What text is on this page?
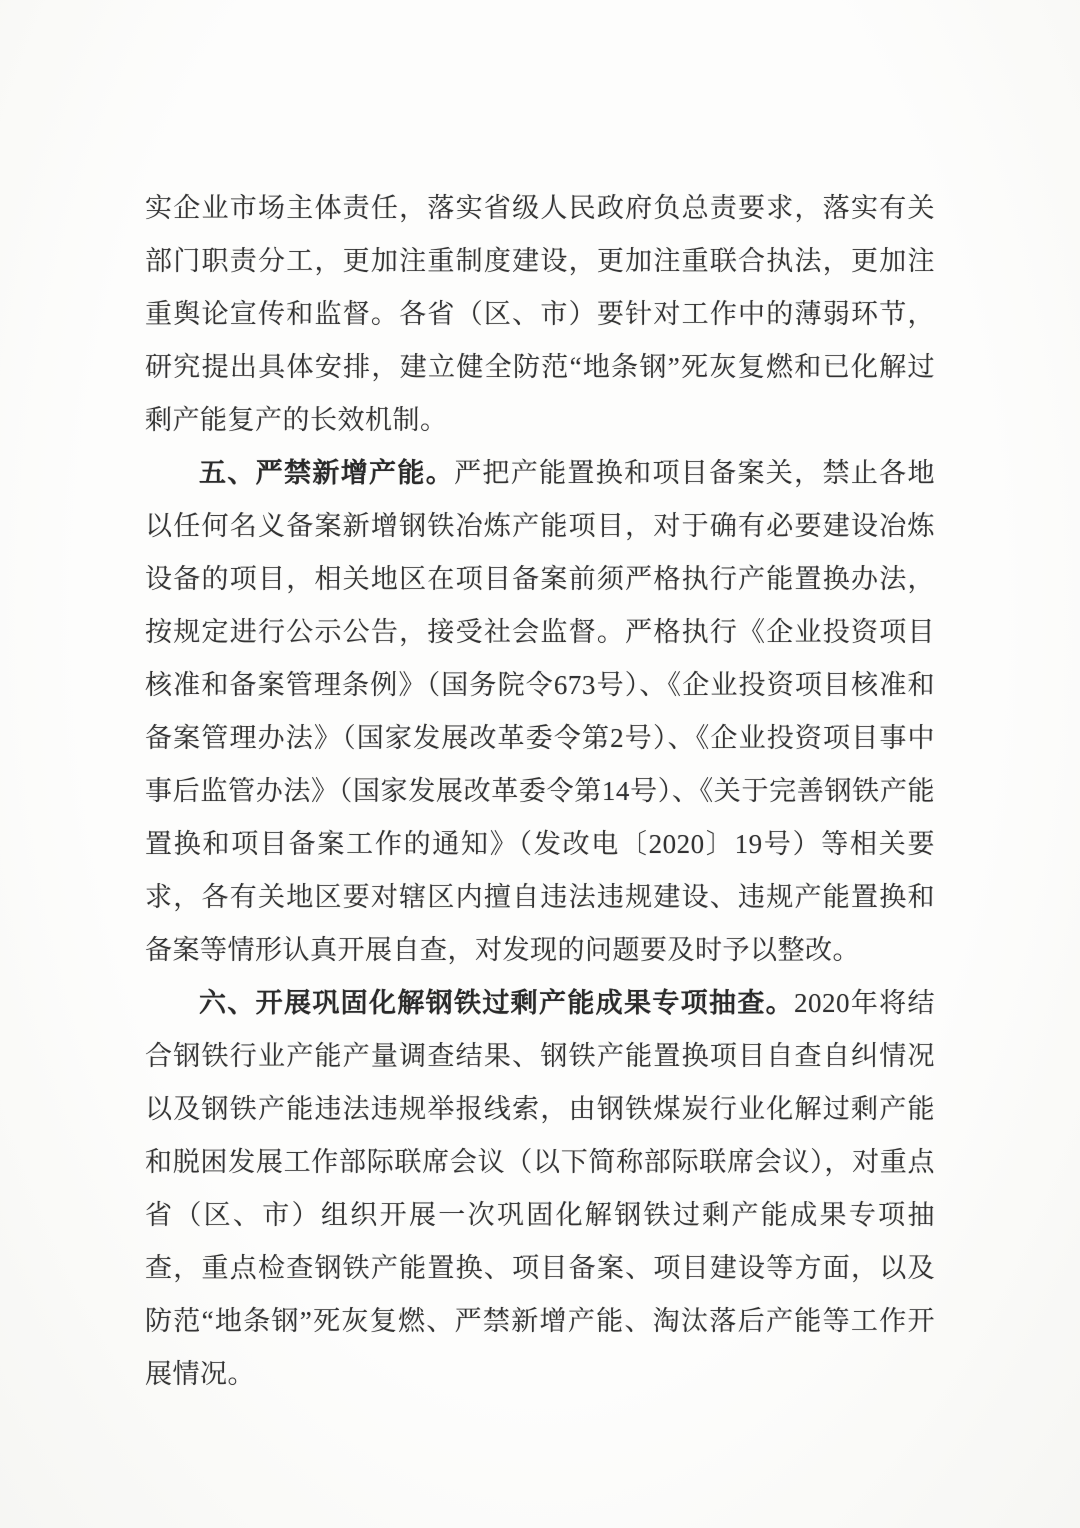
实企业市场主体责任，落实省级人民政府负总责要求，落实有关部门职责分工，更加注重制度建设，更加注重联合执法，更加注重舆论宣传和监督。各省（区、市）要针对工作中的薄弱环节，研究提出具体安排，建立健全防范“地条钢”死灰复燃和已化解过剩产能复产的长效机制。

五、严禁新增产能。严把产能置换和项目备案关，禁止各地以任何名义备案新增钢铁冶炼产能项目，对于确有必要建设冶炼设备的项目，相关地区在项目备案前须严格执行产能置换办法，按规定进行公示公告，接受社会监督。严格执行《企业投资项目核准和备案管理条例》（国务院令673号）、《企业投资项目核准和备案管理办法》（国家发展改革委令第2号）、《企业投资项目事中事后监管办法》（国家发展改革委令第14号）、《关于完善钢铁产能置换和项目备案工作的通知》（发改电〔2020〕19号）等相关要求，各有关地区要对辖区内擅自违法违规建设、违规产能置换和备案等情形认真开展自查，对发现的问题要及时予以整改。

六、开展巩固化解钢铁过剩产能成果专项抽查。2020年将结合钢铁行业产能产量调查结果、钢铁产能置换项目自查自纠情况以及钢铁产能违法违规举报线索，由钢铁煤炭行业化解过剩产能和脱困发展工作部际联席会议（以下简称部际联席会议），对重点省（区、市）组织开展一次巩固化解钢铁过剩产能成果专项抽查，重点检查钢铁产能置换、项目备案、项目建设等方面，以及防范“地条钢”死灰复燃、严禁新增产能、淘汰落后产能等工作开展情况。
